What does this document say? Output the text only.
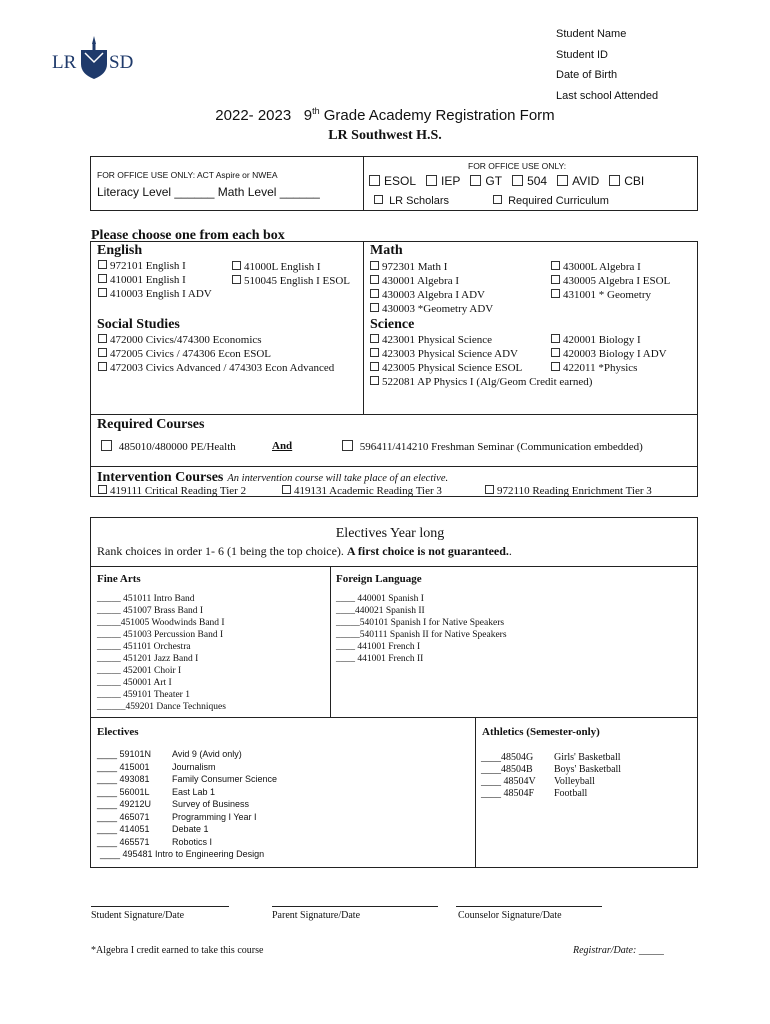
LR SD
Student Name
Student ID
Date of Birth
Last school Attended
2022- 2023 9th Grade Academy Registration Form
LR Southwest H.S.
FOR OFFICE USE ONLY: ACT Aspire or NWEA
Literacy Level ______ Math Level ______
FOR OFFICE USE ONLY:
ESOL IEP GT 504 AVID CBI
LR Scholars	Required Curriculum
Please choose one from each box
English
972101 English I
410001 English I
410003 English I ADV
41000L English I
510045 English I ESOL
Math
972301 Math I
430001 Algebra I
430003 Algebra I ADV
430003 *Geometry ADV
43000L Algebra I
430005 Algebra I ESOL
431001 * Geometry
Social Studies
472000 Civics/474300 Economics
472005 Civics / 474306 Econ ESOL
472003 Civics Advanced / 474303 Econ Advanced
Science
423001 Physical Science
423003 Physical Science ADV
423005 Physical Science ESOL
522081 AP Physics I (Alg/Geom Credit earned)
420001 Biology I
420003 Biology I ADV
422011 *Physics
Required Courses
485010/480000 PE/Health	And	596411/414210 Freshman Seminar (Communication embedded)
Intervention Courses An intervention course will take place of an elective.
419111 Critical Reading Tier 2	419131 Academic Reading Tier 3	972110 Reading Enrichment Tier 3
Electives Year long
Rank choices in order 1- 6 (1 being the top choice). A first choice is not guaranteed..
Fine Arts
_____ 451011 Intro Band
_____ 451007 Brass Band I
_____451005 Woodwinds Band I
_____ 451003 Percussion Band I
_____ 451101 Orchestra
_____ 451201 Jazz Band I
_____ 452001 Choir I
_____ 450001 Art I
_____ 459101 Theater 1
______459201 Dance Techniques
Foreign Language
____ 440001 Spanish I
____440021 Spanish II
_____540101 Spanish I for Native Speakers
_____540111 Spanish II for Native Speakers
____ 441001 French I
____ 441001 French II
Electives
____ 59101N Avid 9 (Avid only)
____ 415001 Journalism
____ 493081 Family Consumer Science
____ 56001L East Lab 1
____ 49212U Survey of Business
____ 465071 Programming I Year I
____ 414051 Debate 1
____ 465571 Robotics I
____ 495481 Intro to Engineering Design
Athletics (Semester-only)
____48504G Girls' Basketball
____48504B Boys' Basketball
____ 48504V Volleyball
____ 48504F Football
Student Signature/Date	Parent Signature/Date	Counselor Signature/Date
*Algebra I credit earned to take this course	Registrar/Date: _____
